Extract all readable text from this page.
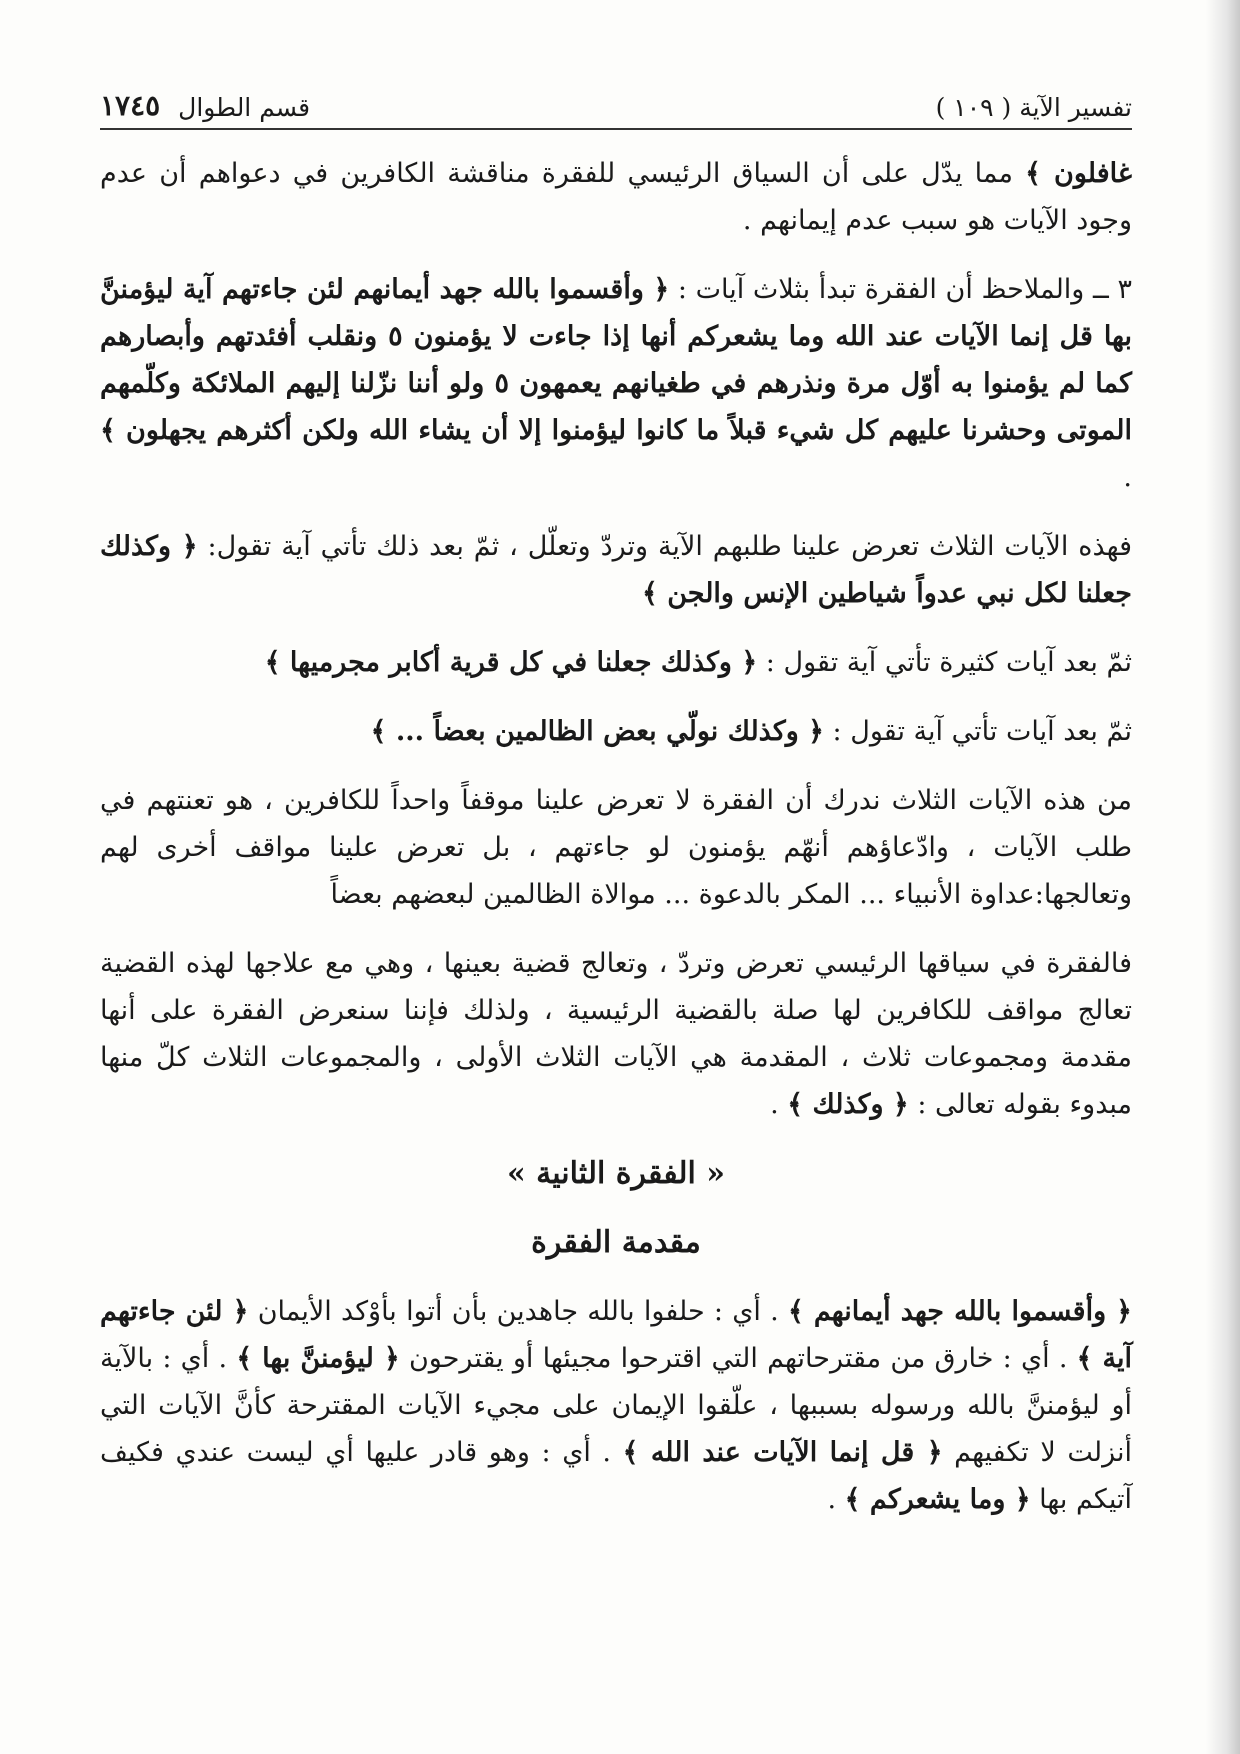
تفسير الآية ( ١٠٩ )
قسم الطوال
١٧٤٥

غافلون ﴾ مما يدّل على أن السياق الرئيسي للفقرة مناقشة الكافرين في دعواهم أن عدم وجود الآيات هو سبب عدم إيمانهم .

٣ ــ والملاحظ أن الفقرة تبدأ بثلاث آيات : ﴿ وأقسموا بالله جهد أيمانهم لئن جاءتهم آية ليؤمننَّ بها قل إنما الآيات عند الله وما يشعركم أنها إذا جاءت لا يؤمنون ٥ ونقلب أفئدتهم وأبصارهم كما لم يؤمنوا به أوّل مرة ونذرهم في طغيانهم يعمهون ٥ ولو أننا نزّلنا إليهم الملائكة وكلّمهم الموتى وحشرنا عليهم كل شيء قبلاً ما كانوا ليؤمنوا إلا أن يشاء الله ولكن أكثرهم يجهلون ﴾ .

فهذه الآيات الثلاث تعرض علينا طلبهم الآية وتردّ وتعلّل ، ثمّ بعد ذلك تأتي آية تقول: ﴿ وكذلك جعلنا لكل نبي عدواً شياطين الإنس والجن ﴾

ثمّ بعد آيات كثيرة تأتي آية تقول : ﴿ وكذلك جعلنا في كل قرية أكابر مجرميها ﴾

ثمّ بعد آيات تأتي آية تقول : ﴿ وكذلك نولّي بعض الظالمين بعضاً ... ﴾

من هذه الآيات الثلاث ندرك أن الفقرة لا تعرض علينا موقفاً واحداً للكافرين ، هو تعنتهم في طلب الآيات ، وادّعاؤهم أنهّم يؤمنون لو جاءتهم ، بل تعرض علينا مواقف أخرى لهم وتعالجها:عداوة الأنبياء ... المكر بالدعوة ... موالاة الظالمين لبعضهم بعضاً

فالفقرة في سياقها الرئيسي تعرض وتردّ ، وتعالج قضية بعينها ، وهي مع علاجها لهذه القضية تعالج مواقف للكافرين لها صلة بالقضية الرئيسية ، ولذلك فإننا سنعرض الفقرة على أنها مقدمة ومجموعات ثلاث ، المقدمة هي الآيات الثلاث الأولى ، والمجموعات الثلاث كلّ منها مبدوء بقوله تعالى : ﴿ وكذلك ﴾ .

« الفقرة الثانية »
مقدمة الفقرة

﴿ وأقسموا بالله جهد أيمانهم ﴾ . أي : حلفوا بالله جاهدين بأن أتوا بأوْكد الأيمان ﴿ لئن جاءتهم آية ﴾ . أي : خارق من مقترحاتهم التي اقترحوا مجيئها أو يقترحون ﴿ ليؤمننَّ بها ﴾ . أي : بالآية أو ليؤمننَّ بالله ورسوله بسببها ، علّقوا الإيمان على مجيء الآيات المقترحة كأنَّ الآيات التي أنزلت لا تكفيهم ﴿ قل إنما الآيات عند الله ﴾ . أي : وهو قادر عليها أي ليست عندي فكيف آتيكم بها ﴿ وما يشعركم ﴾ .
